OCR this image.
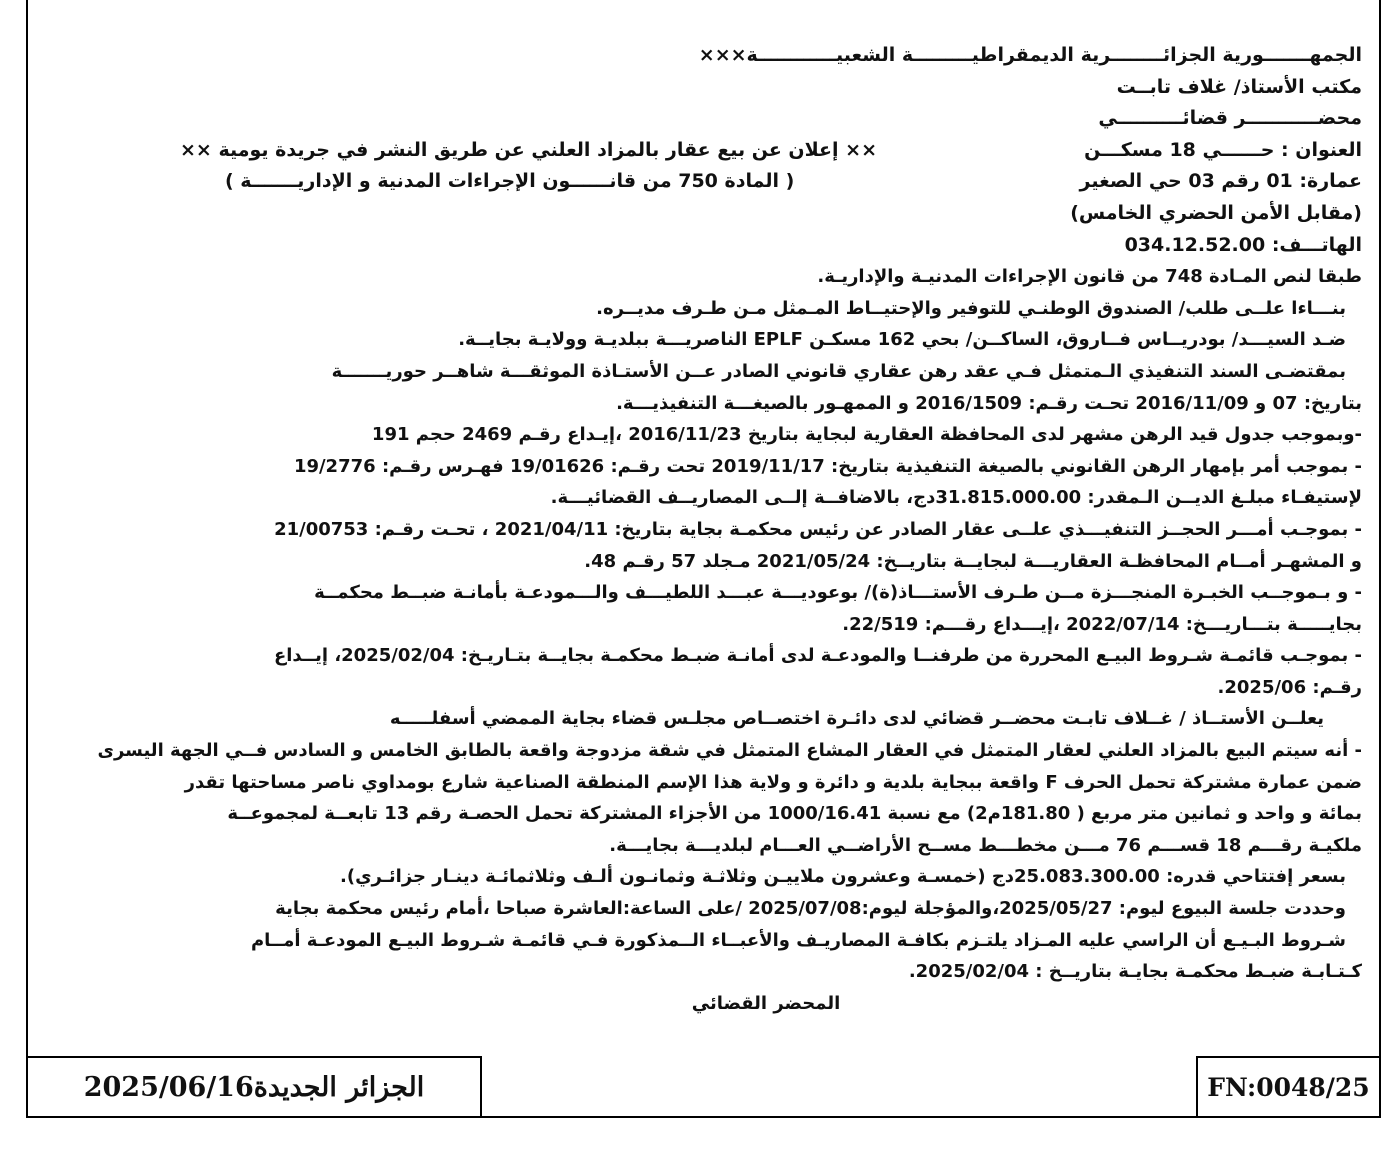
الجمهـــــــورية الجزائــــــــرية الديمقراطيـــــــــة الشعبيــــــــــــة×××
مكتب الأستاذ/ غلاف تابــت
محضـــــــــــر قضائــــــــــي
العنوان : حــــــي 18 مسكـــن
×× إعلان عن بيع عقار بالمزاد العلني عن طريق النشر في جريدة يومية ××
عمارة: 01 رقم 03 حي الصغير
( المادة 750 من قانــــــون الإجراءات المدنية و الإداريـــــــة )
(مقابل الأمن الحضري الخامس)
الهاتـــف: 034.12.52.00
طبقا لنص المـادة 748 من قانون الإجراءات المدنيـة والإداريـة.
بنـــاءا علــى طلب/ الصندوق الوطنـي للتوفير والإحتيــاط المـمثل مـن طـرف مديــره.
ضـد السيـــد/ بودريــاس فــاروق، الساكــن/ بحي 162 مسكـن EPLF الناصريـــة ببلديـة وولايـة بجايــة.
بمقتضـى السند التنفيذي الـمتمثل فـي عقد رهن عقاري قانوني الصادر عــن الأستـاذة الموثقـــة شاهــر حوريـــــــة
بتاريخ: 07 و 2016/11/09 تحـت رقـم: 2016/1509 و الممهـور بالصيغـــة التنفيذيـــة.
-وبموجب جدول قيد الرهن مشهر لدى المحافظة العقارية لبجاية بتاريخ 2016/11/23 ،إيـداع رقـم 2469 حجم 191
- بموجب أمر بإمهار الرهن القانوني بالصيغة التنفيذية بتاريخ: 2019/11/17 تحت رقـم: 19/01626 فهـرس رقـم: 19/2776
لإستيفـاء مبلـغ الديــن الـمقدر: 31.815.000.00دج، بالاضافــة إلــى المصاريــف القضائيـــة.
- بموجـب أمـــر الحجــز التنفيـــذي علــى عقار الصادر عن رئيس محكمـة بجاية بتاريخ: 2021/04/11 ، تحـت رقـم: 21/00753
و المشهـر أمــام المحافظـة العقاريـــة لبجايــة بتاريــخ: 2021/05/24 مـجلد 57 رقـم 48.
- و بـموجــب الخبـرة المنجـــزة مــن طـرف الأستـــاذ(ة)/ بوعوديـــة عبـــد اللطيـــف والـــمودعـة بأمانـة ضبــط محكمــة
بجايـــــة بتـــاريـــخ: 2022/07/14 ،إيـــداع رقـــم: 22/519.
- بموجـب قائمـة شـروط البيـع المحررة من طرفنــا والمودعـة لدى أمانـة ضبـط محكمـة بجايــة بتـاريـخ: 2025/02/04، إيــداع
رقـم: 2025/06.
يعلــن الأستــاذ / غــلاف تابـت محضــر قضائي لدى دائـرة اختصــاص مجلـس قضاء بجاية الممضي أسفلـــــه
- أنه سيتم البيع بالمزاد العلني لعقار المتمثل في العقار المشاع المتمثل في شقة مزدوجة واقعة بالطابق الخامس و السادس فــي الجهة اليسرى
ضمن عمارة مشتركة تحمل الحرف F واقعة ببجاية بلدية و دائرة و ولاية هذا الإسم المنطقة الصناعية شارع بومداوي ناصر مساحتها تقدر
بمائة و واحد و ثمانين متر مربع ( 181.80م2) مع نسبة 1000/16.41 من الأجزاء المشتركة تحمل الحصـة رقم 13 تابعــة لمجموعــة
ملكيـة رقـــم 18 قســـم 76 مـــن مخطـــط مســح الأراضــي العـــام لبلديـــة بجايـــة.
بسعر إفتتاحي قدره: 25.083.300.00دج (خمسـة وعشرون ملاييـن وثلاثـة وثمانـون ألـف وثلاثمائـة دينـار جزائـري).
وحددت جلسة البيوع ليوم: 2025/05/27،والمؤجلة ليوم:2025/07/08 /على الساعة:العاشرة صباحا ،أمام رئيس محكمة بجاية
شـروط البـيـع أن الراسي عليه المـزاد يلتـزم بكافـة المصاريـف والأعبــاء الــمذكورة فـي قائمـة شـروط البيـع المودعـة أمــام
كـتـابـة ضبـط محكمـة بجايـة بتاريــخ : 2025/02/04.
المحضر القضائي
الجزائر الجديدة2025/06/16	FN:0048/25
